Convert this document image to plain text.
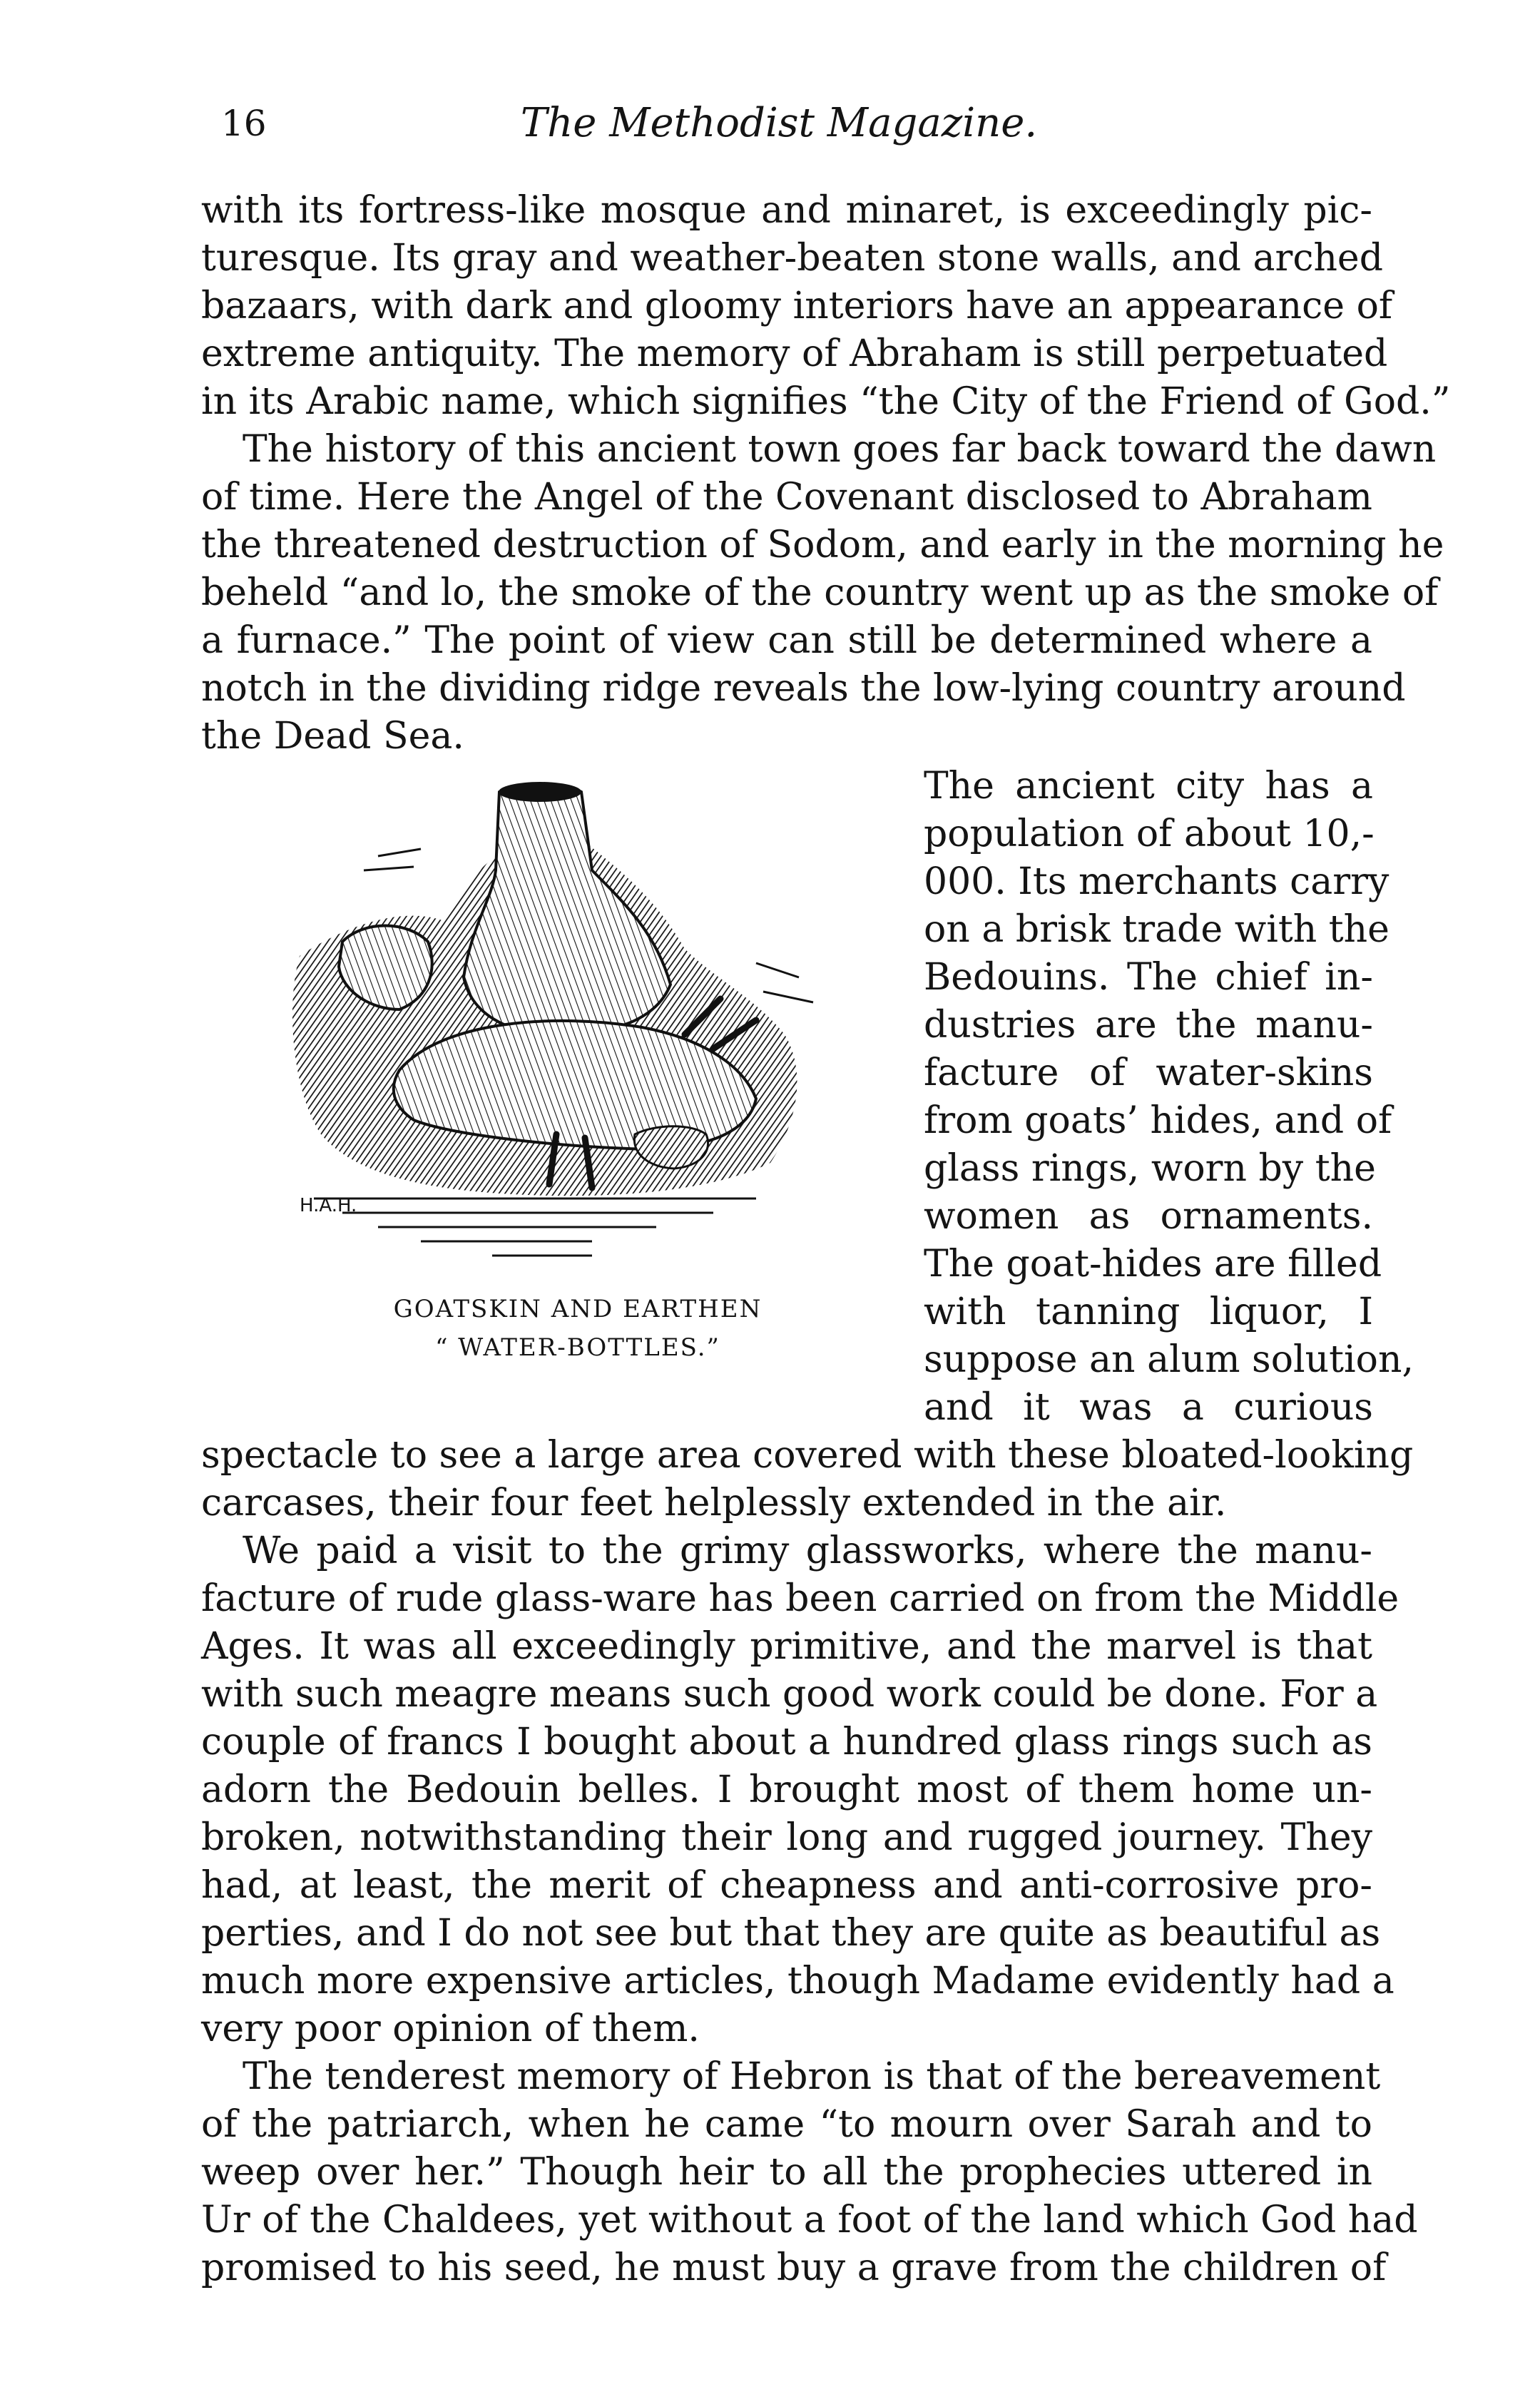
16	The Methodist Magazine.
with its fortress-like mosque and minaret, is exceedingly pic-
turesque. Its gray and weather-beaten stone walls, and arched
bazaars, with dark and gloomy interiors have an appearance of
extreme antiquity. The memory of Abraham is still perpetuated
in its Arabic name, which signifies “the City of the Friend of God.”
The history of this ancient town goes far back toward the dawn
of time. Here the Angel of the Covenant disclosed to Abraham
the threatened destruction of Sodom, and early in the morning he
beheld “and lo, the smoke of the country went up as the smoke of
a furnace.” The point of view can still be determined where a
notch in the dividing ridge reveals the low-lying country around
the Dead Sea.
H.A.H.
GOATSKIN AND EARTHEN
“ WATER-BOTTLES.”
The ancient city has a
population of about 10,-
000. Its merchants carry
on a brisk trade with the
Bedouins. The chief in-
dustries are the manu-
facture of water-skins
from goats’ hides, and of
glass rings, worn by the
women as ornaments.
The goat-hides are filled
with tanning liquor, I
suppose an alum solution,
and it was a curious
spectacle to see a large area covered with these bloated-looking
carcases, their four feet helplessly extended in the air.
We paid a visit to the grimy glassworks, where the manu-
facture of rude glass-ware has been carried on from the Middle
Ages. It was all exceedingly primitive, and the marvel is that
with such meagre means such good work could be done. For a
couple of francs I bought about a hundred glass rings such as
adorn the Bedouin belles. I brought most of them home un-
broken, notwithstanding their long and rugged journey. They
had, at least, the merit of cheapness and anti-corrosive pro-
perties, and I do not see but that they are quite as beautiful as
much more expensive articles, though Madame evidently had a
very poor opinion of them.
The tenderest memory of Hebron is that of the bereavement
of the patriarch, when he came “to mourn over Sarah and to
weep over her.” Though heir to all the prophecies uttered in
Ur of the Chaldees, yet without a foot of the land which God had
promised to his seed, he must buy a grave from the children of
